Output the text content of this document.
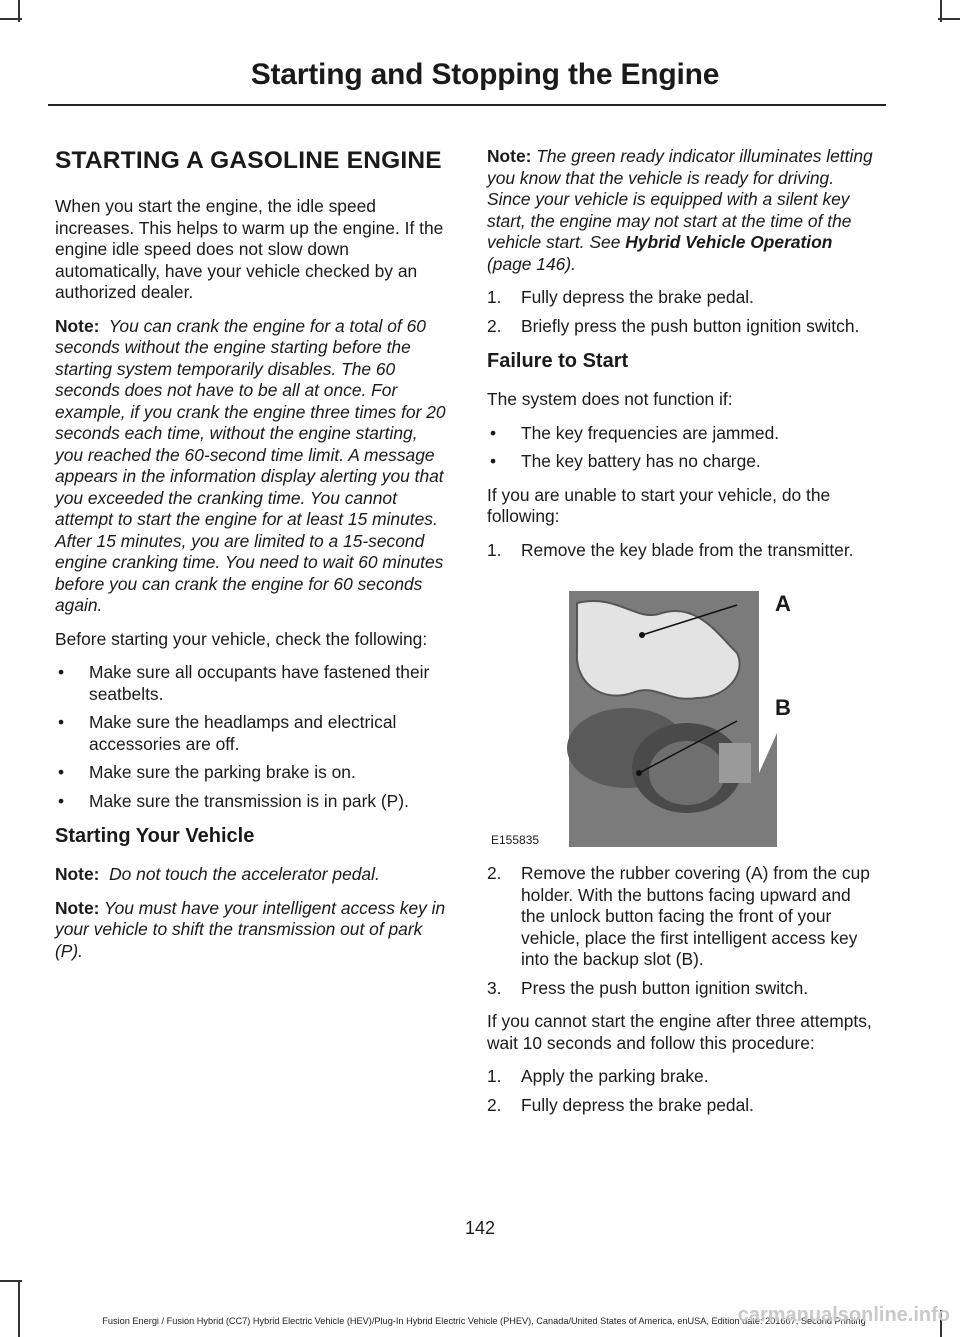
Starting and Stopping the Engine
STARTING A GASOLINE ENGINE

When you start the engine, the idle speed increases. This helps to warm up the engine. If the engine idle speed does not slow down automatically, have your vehicle checked by an authorized dealer.

Note: You can crank the engine for a total of 60 seconds without the engine starting before the starting system temporarily disables. The 60 seconds does not have to be all at once. For example, if you crank the engine three times for 20 seconds each time, without the engine starting, you reached the 60-second time limit. A message appears in the information display alerting you that you exceeded the cranking time. You cannot attempt to start the engine for at least 15 minutes. After 15 minutes, you are limited to a 15-second engine cranking time. You need to wait 60 minutes before you can crank the engine for 60 seconds again.

Before starting your vehicle, check the following:

• Make sure all occupants have fastened their seatbelts.
• Make sure the headlamps and electrical accessories are off.
• Make sure the parking brake is on.
• Make sure the transmission is in park (P).
Starting Your Vehicle

Note: Do not touch the accelerator pedal.

Note: You must have your intelligent access key in your vehicle to shift the transmission out of park (P).

Note: The green ready indicator illuminates letting you know that the vehicle is ready for driving. Since your vehicle is equipped with a silent key start, the engine may not start at the time of the vehicle start. See Hybrid Vehicle Operation (page 146).

1. Fully depress the brake pedal.
2. Briefly press the push button ignition switch.
Failure to Start

The system does not function if:

• The key frequencies are jammed.
• The key battery has no charge.

If you are unable to start your vehicle, do the following:

1. Remove the key blade from the transmitter.
A
B
E155835
2. Remove the rubber covering (A) from the cup holder. With the buttons facing upward and the unlock button facing the front of your vehicle, place the first intelligent access key into the backup slot (B).
3. Press the push button ignition switch.

If you cannot start the engine after three attempts, wait 10 seconds and follow this procedure:

1. Apply the parking brake.
2. Fully depress the brake pedal.
142
Fusion Energi / Fusion Hybrid (CC7) Hybrid Electric Vehicle (HEV)/Plug-In Hybrid Electric Vehicle (PHEV), Canada/United States of America, enUSA, Edition date: 201607, Second Printing
carmanualsonline.info
